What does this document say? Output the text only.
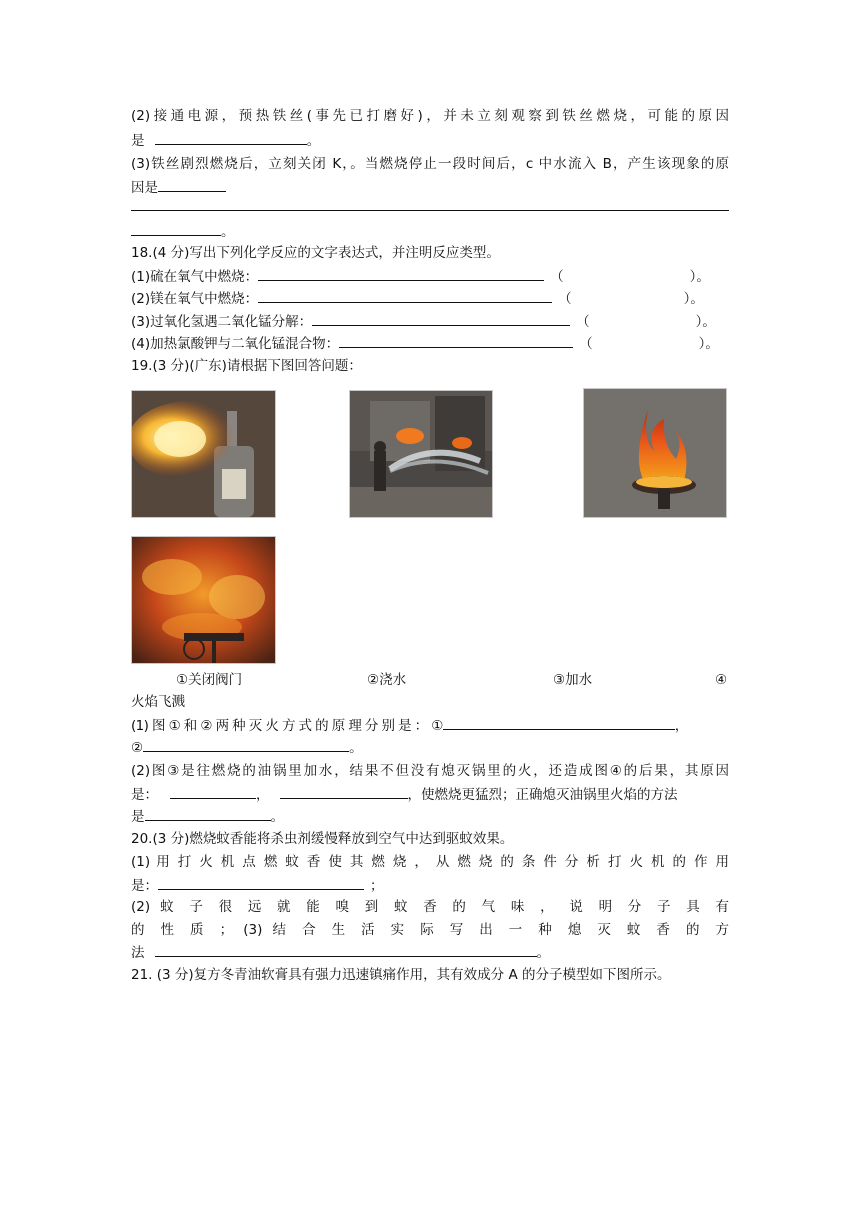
(2)接通电源，预热铁丝(事先已打磨好)，并未立刻观察到铁丝燃烧，可能的原因
是	。
(3)铁丝剧烈燃烧后，立刻关闭 K，。当燃烧停止一段时间后，c 中水流入 B，产生该现象的原
因是
。
18.(4 分)写出下列化学反应的文字表达式，并注明反应类型。
(1)硫在氧气中燃烧：	（	）。
(2)镁在氧气中燃烧：	（	）。
(3)过氧化氢遇二氧化锰分解：	（	）。
(4)加热氯酸钾与二氧化锰混合物：	（	）。
19.(3 分)(广东)请根据下图回答问题：
①关闭阀门	②浇水	③加水	④
火焰飞溅
(1) 图 ① 和 ② 两 种 灭 火 方 式 的 原 理 分 别 是 ： ①	，
②	。
(2)图③是往燃烧的油锅里加水，结果不但没有熄灭锅里的火，还造成图④的后果，其原因
是：	，	，使燃烧更猛烈；正确熄灭油锅里火焰的方法
是	。
20.(3 分)燃烧蚊香能将杀虫剂缓慢释放到空气中达到驱蚊效果。
(1) 用 打 火 机 点 燃 蚊 香 使 其 燃 烧 ， 从 燃 烧 的 条 件 分 析 打 火 机 的 作 用
是：	；
(2) 蚊 子 很 远 就 能 嗅 到 蚊 香 的 气 味 ， 说 明 分 子 具 有
的 性 质 ； (3) 结 合 生 活 实 际 写 出 一 种 熄 灭 蚊 香 的 方
法	。
21. (3 分)复方冬青油软膏具有强力迅速镇痛作用，其有效成分 A 的分子模型如下图所示。
